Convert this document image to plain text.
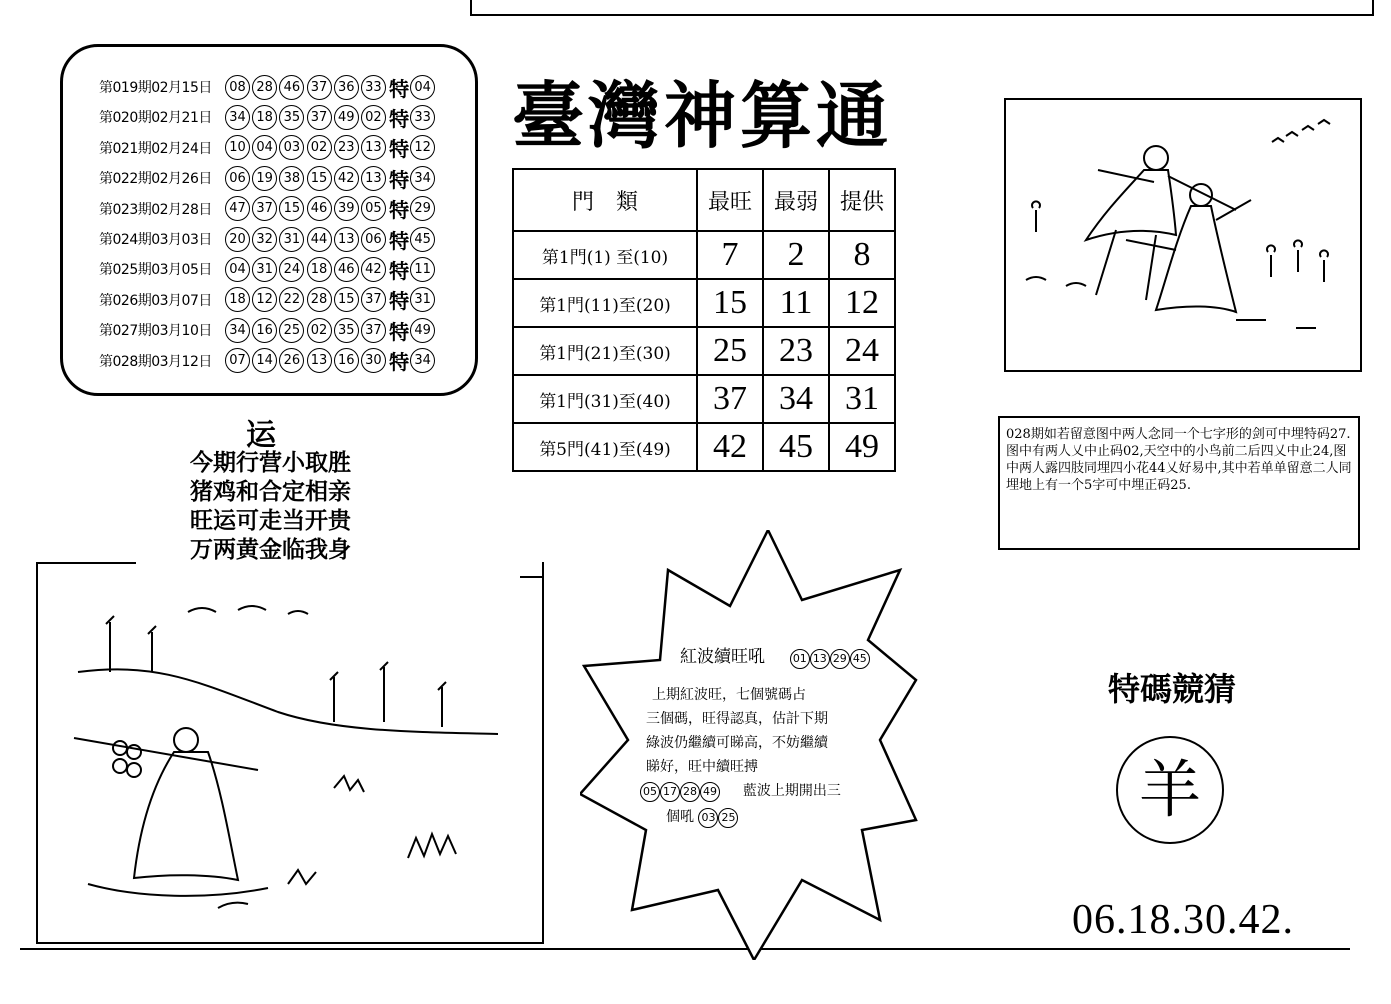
第019期02月15日	08 28 46 37 36 33 特 04
第020期02月21日	34 18 35 37 49 02 特 33
第021期02月24日	10 04 03 02 23 13 特 12
第022期02月26日	06 19 38 15 42 13 特 34
第023期02月28日	47 37 15 46 39 05 特 29
第024期03月03日	20 32 31 44 13 06 特 45
第025期03月05日	04 31 24 18 46 42 特 11
第026期03月07日	18 12 22 28 15 37 特 31
第027期03月10日	34 16 25 02 35 37 特 49
第028期03月12日	07 14 26 13 16 30 特 34
臺灣神算通
門　類	最旺	最弱	提供
第1門(1) 至(10)	7	2	8
第1門(11)至(20)	15	11	12
第1門(21)至(30)	25	23	24
第1門(31)至(40)	37	34	31
第5門(41)至(49)	42	45	49
运
今期行营小取胜
猪鸡和合定相亲
旺运可走当开贵
万两黄金临我身
028期如若留意图中两人念同一个七字形的剑可中埋特码27.图中有两人乂中止码02,天空中的小鸟前二后四乂中止24,图中两人露四肢同埋四小花44乂好易中,其中若单单留意二人同埋地上有一个5字可中埋正码25.
紅波續旺吼	01 13 29 45
上期紅波旺，七個號碼占
三個碼，旺得認真，估計下期
綠波仍繼續可睇高，不妨繼續
睇好，旺中續旺搏
05 17 28 49 藍波上期開出三
個吼 03 25
特碼競猜
羊
06.18.30.42.
